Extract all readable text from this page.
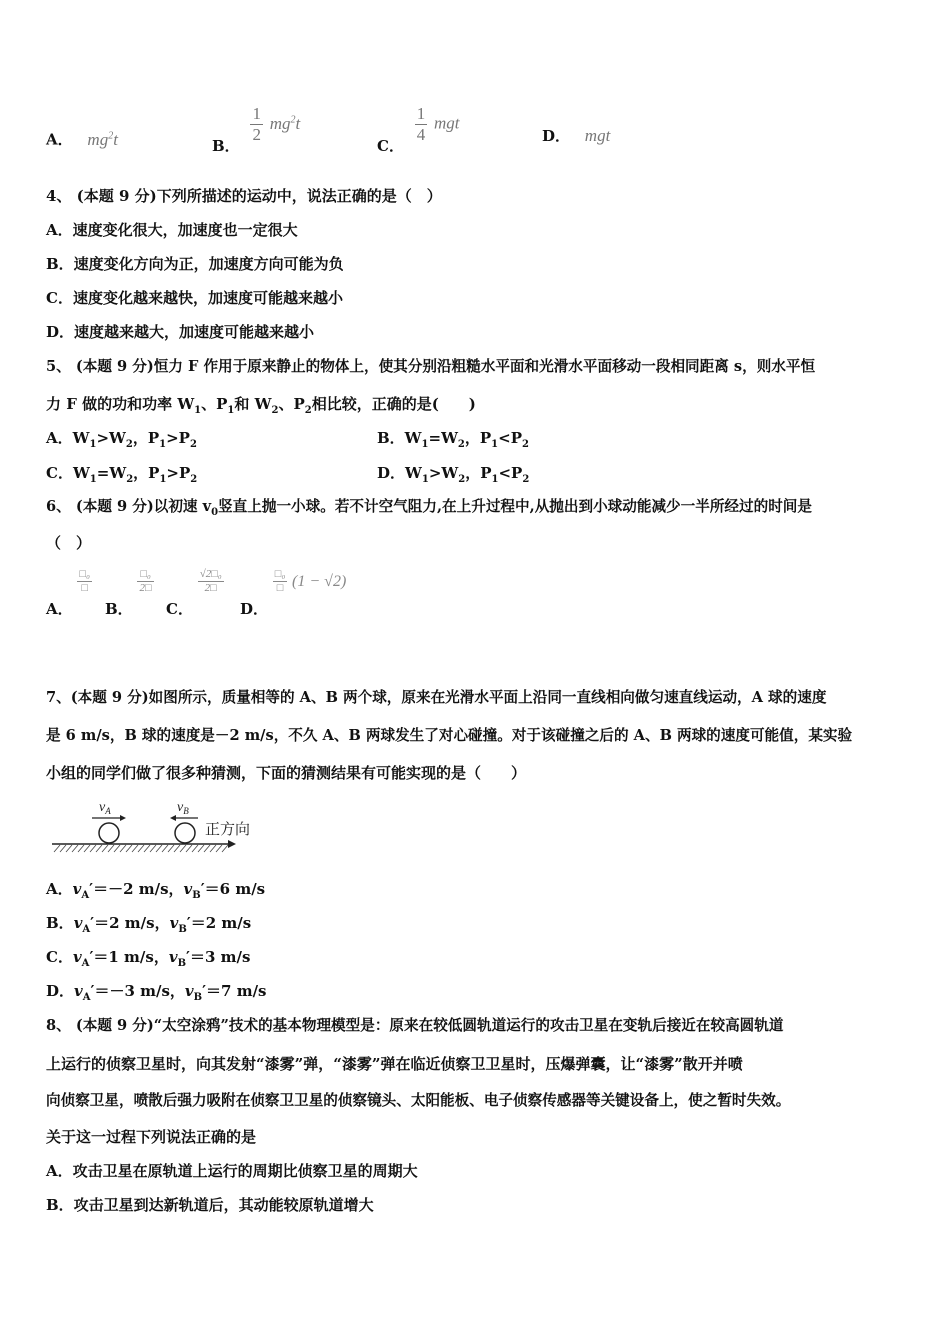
A． $mg^2t$	B．
$\frac{1}{2} mg^2t$
C．
$\frac{1}{4}$ mgt
D． mgt
4、 (本题 9 分)下列所描述的运动中，说法正确的是（　）
A．速度变化很大，加速度也一定很大
B．速度变化方向为正，加速度方向可能为负
C．速度变化越来越快，加速度可能越来越小
D．速度越来越大，加速度可能越来越小
5、 (本题 9 分)恒力 F 作用于原来静止的物体上，使其分别沿粗糙水平面和光滑水平面移动一段相同距离 s，则水平恒
力 F 做的功和功率 $W_1$、$P_1$和 $W_2$、$P_2$相比较，正确的是(　　)
A．$W_1>W_2$，$P_1>P_2$	B．$W_1=W_2$，$P_1<P_2$
C．$W_1=W_2$，$P_1>P_2$	D．$W_1>W_2$，$P_1<P_2$
6、 (本题 9 分)以初速 $v_0$竖直上抛一小球。若不计空气阻力,在上升过程中,从抛出到小球动能减少一半所经过的时间是
（　）
A．
$\frac{\text{□₀}}{□}$
B．
$\frac{\text{□₀}}{2□}$
C．
$\frac{\text{√2□₀}}{2□}$
D．
$\frac{\text{□₀}}{□} (1 - √2)$
7、(本题 9 分)如图所示，质量相等的 A、B 两个球，原来在光滑水平面上沿同一直线相向做匀速直线运动，A 球的速度
是 6 m/s，B 球的速度是－2 m/s，不久 A、B 两球发生了对心碰撞。对于该碰撞之后的 A、B 两球的速度可能值，某实验
小组的同学们做了很多种猜测，下面的猜测结果有可能实现的是（　　）
$v_A$	$v_B$
正方向
A．$v_A'=-2$ m/s，$v_B'=6$ m/s
B．$v_A'=2$ m/s，$v_B'=2$ m/s
C．$v_A'=1$ m/s，$v_B'=3$ m/s
D．$v_A'=-3$ m/s，$v_B'=7$ m/s
8、 (本题 9 分)“太空涂鸦”技术的基本物理模型是：原来在较低圆轨道运行的攻击卫星在变轨后接近在较高圆轨道
上运行的侦察卫星时，向其发射“漆雾”弹，“漆雾”弹在临近侦察卫卫星时，压爆弹囊，让“漆雾”散开并喷
向侦察卫星，喷散后强力吸附在侦察卫卫星的侦察镜头、太阳能板、电子侦察传感器等关键设备上，使之暂时失效。
关于这一过程下列说法正确的是
A．攻击卫星在原轨道上运行的周期比侦察卫星的周期大
B．攻击卫星到达新轨道后，其动能较原轨道增大
